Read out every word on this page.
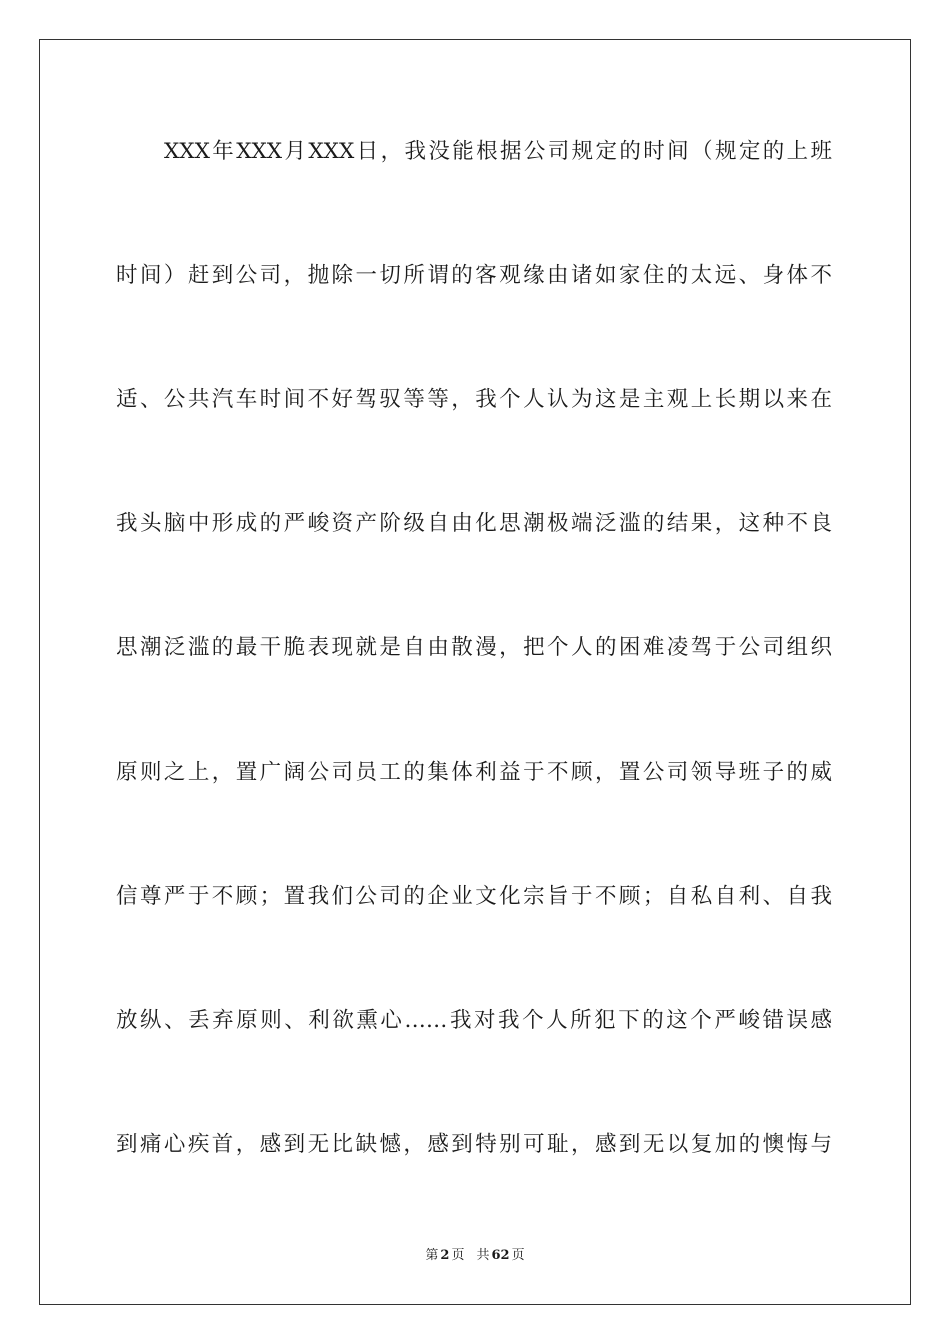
XXX年XXX月XXX日，我没能根据公司规定的时间（规定的上班
时间）赶到公司，抛除一切所谓的客观缘由诸如家住的太远、身体不
适、公共汽车时间不好驾驭等等，我个人认为这是主观上长期以来在
我头脑中形成的严峻资产阶级自由化思潮极端泛滥的结果，这种不良
思潮泛滥的最干脆表现就是自由散漫，把个人的困难凌驾于公司组织
原则之上，置广阔公司员工的集体利益于不顾，置公司领导班子的威
信尊严于不顾；置我们公司的企业文化宗旨于不顾；自私自利、自我
放纵、丢弃原则、利欲熏心……我对我个人所犯下的这个严峻错误感
到痛心疾首，感到无比缺憾，感到特别可耻，感到无以复加的懊悔与
第 2 页 共 62 页
